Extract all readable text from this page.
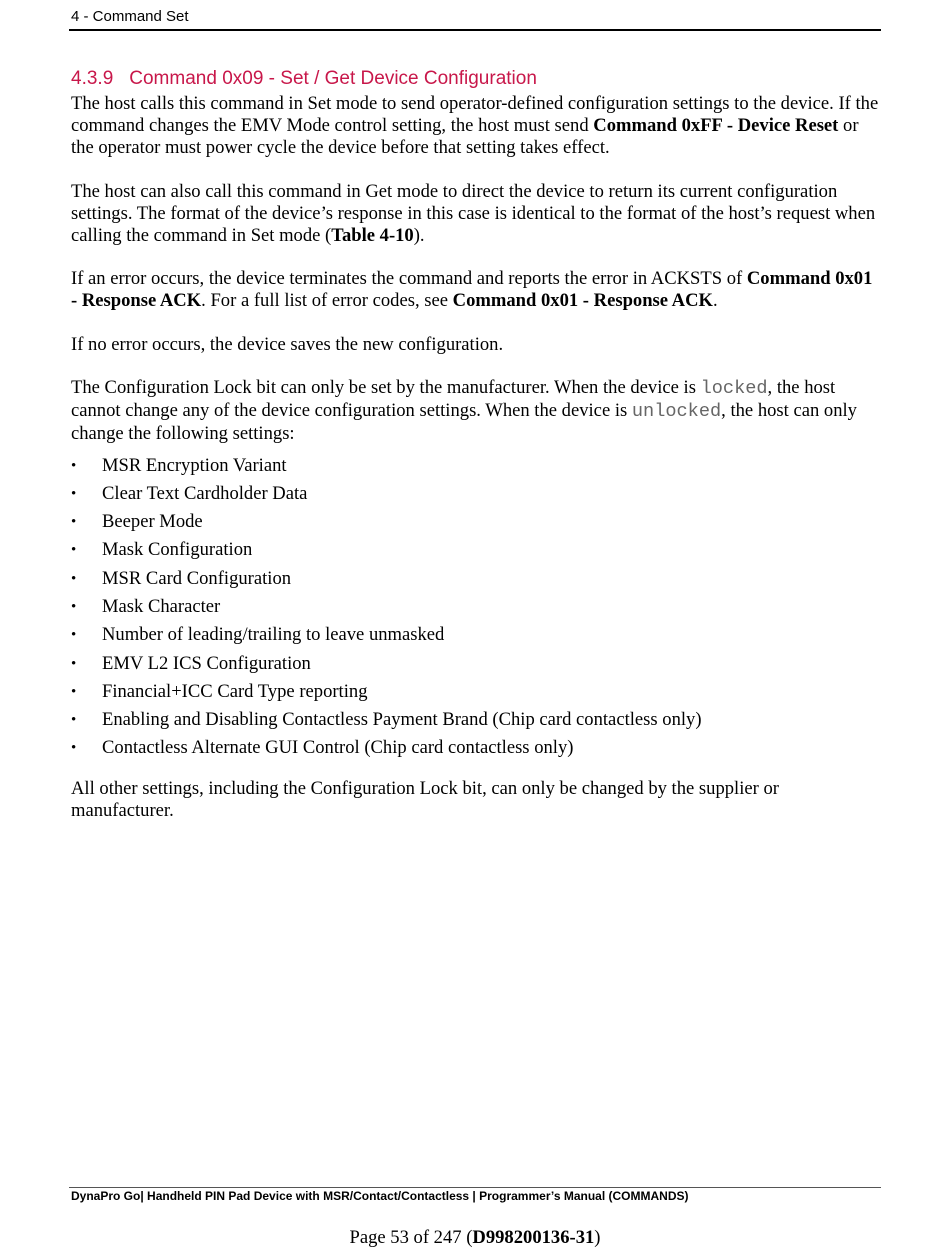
4 - Command Set
4.3.9 Command 0x09 - Set / Get Device Configuration

The host calls this command in Set mode to send operator-defined configuration settings to the device. If the command changes the EMV Mode control setting, the host must send Command 0xFF - Device Reset or the operator must power cycle the device before that setting takes effect.

The host can also call this command in Get mode to direct the device to return its current configuration settings. The format of the device’s response in this case is identical to the format of the host’s request when calling the command in Set mode (Table 4-10).

If an error occurs, the device terminates the command and reports the error in ACKSTS of Command 0x01 - Response ACK. For a full list of error codes, see Command 0x01 - Response ACK.

If no error occurs, the device saves the new configuration.

The Configuration Lock bit can only be set by the manufacturer. When the device is locked, the host cannot change any of the device configuration settings. When the device is unlocked, the host can only change the following settings:

• MSR Encryption Variant
• Clear Text Cardholder Data
• Beeper Mode
• Mask Configuration
• MSR Card Configuration
• Mask Character
• Number of leading/trailing to leave unmasked
• EMV L2 ICS Configuration
• Financial+ICC Card Type reporting
• Enabling and Disabling Contactless Payment Brand (Chip card contactless only)
• Contactless Alternate GUI Control (Chip card contactless only)

All other settings, including the Configuration Lock bit, can only be changed by the supplier or manufacturer.

DynaPro Go| Handheld PIN Pad Device with MSR/Contact/Contactless | Programmer’s Manual (COMMANDS)
Page 53 of 247 (D998200136-31)
